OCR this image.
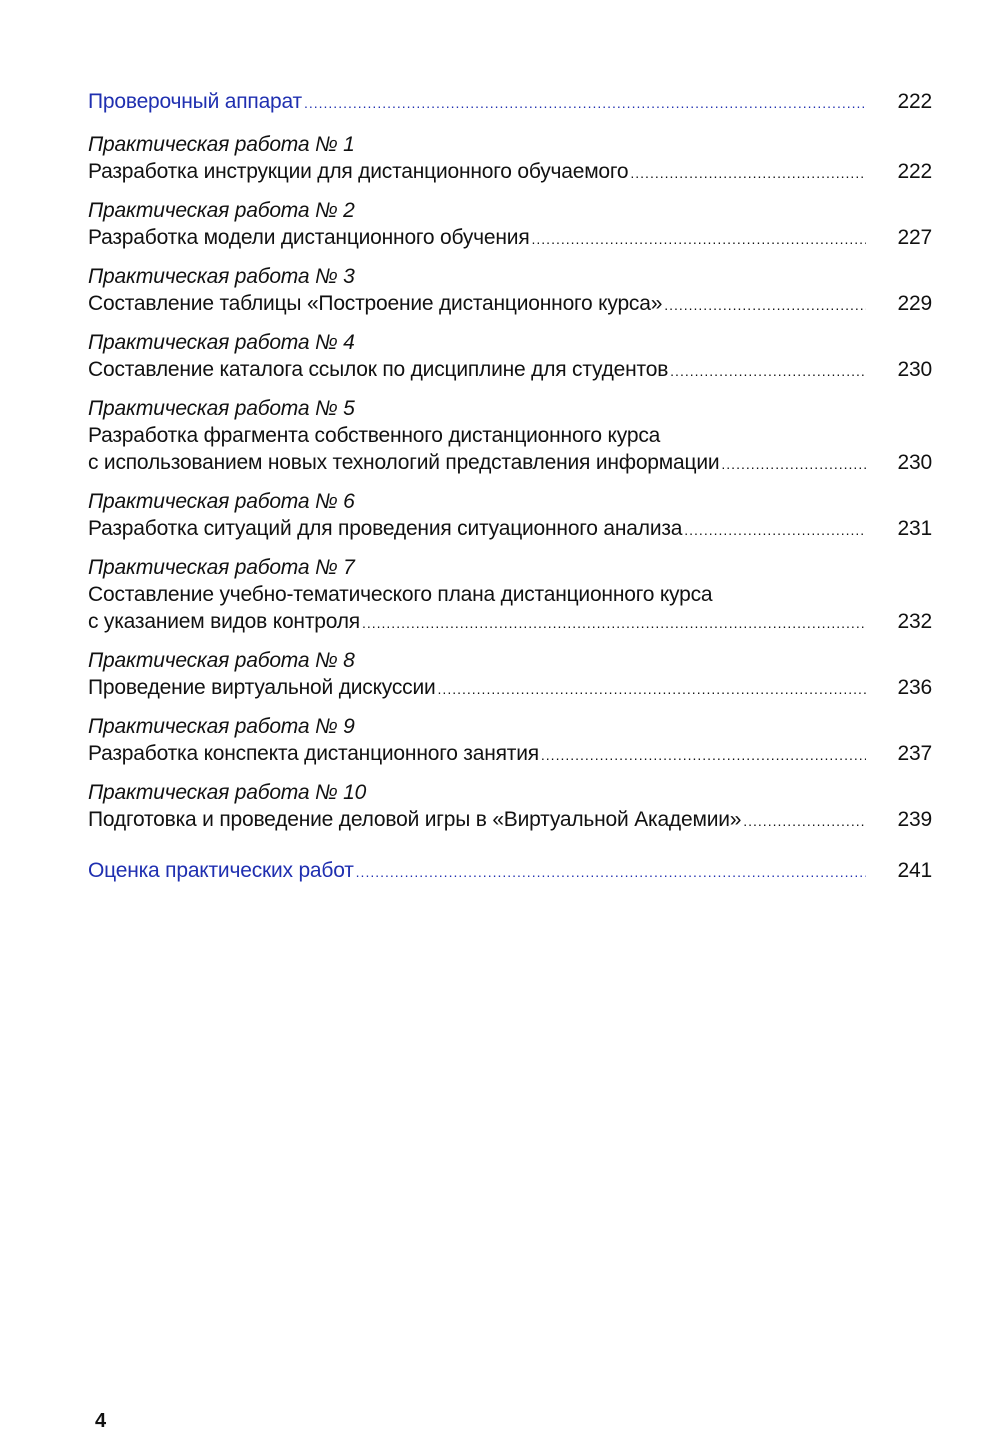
Проверочный аппарат .....	222
Практическая работа № 1
Разработка инструкции для дистанционного обучаемого .....	222
Практическая работа № 2
Разработка модели дистанционного обучения .....	227
Практическая работа № 3
Составление таблицы «Построение дистанционного курса» .....	229
Практическая работа № 4
Составление каталога ссылок по дисциплине для студентов .....	230
Практическая работа № 5
Разработка фрагмента собственного дистанционного курса
с использованием новых технологий представления информации .....	230
Практическая работа № 6
Разработка ситуаций для проведения ситуационного анализа .....	231
Практическая работа № 7
Составление учебно-тематического плана дистанционного курса
с указанием видов контроля .....	232
Практическая работа № 8
Проведение виртуальной дискуссии .....	236
Практическая работа № 9
Разработка конспекта дистанционного занятия .....	237
Практическая работа № 10
Подготовка и проведение деловой игры в «Виртуальной Академии» .....	239
Оценка практических работ .....	241
4
